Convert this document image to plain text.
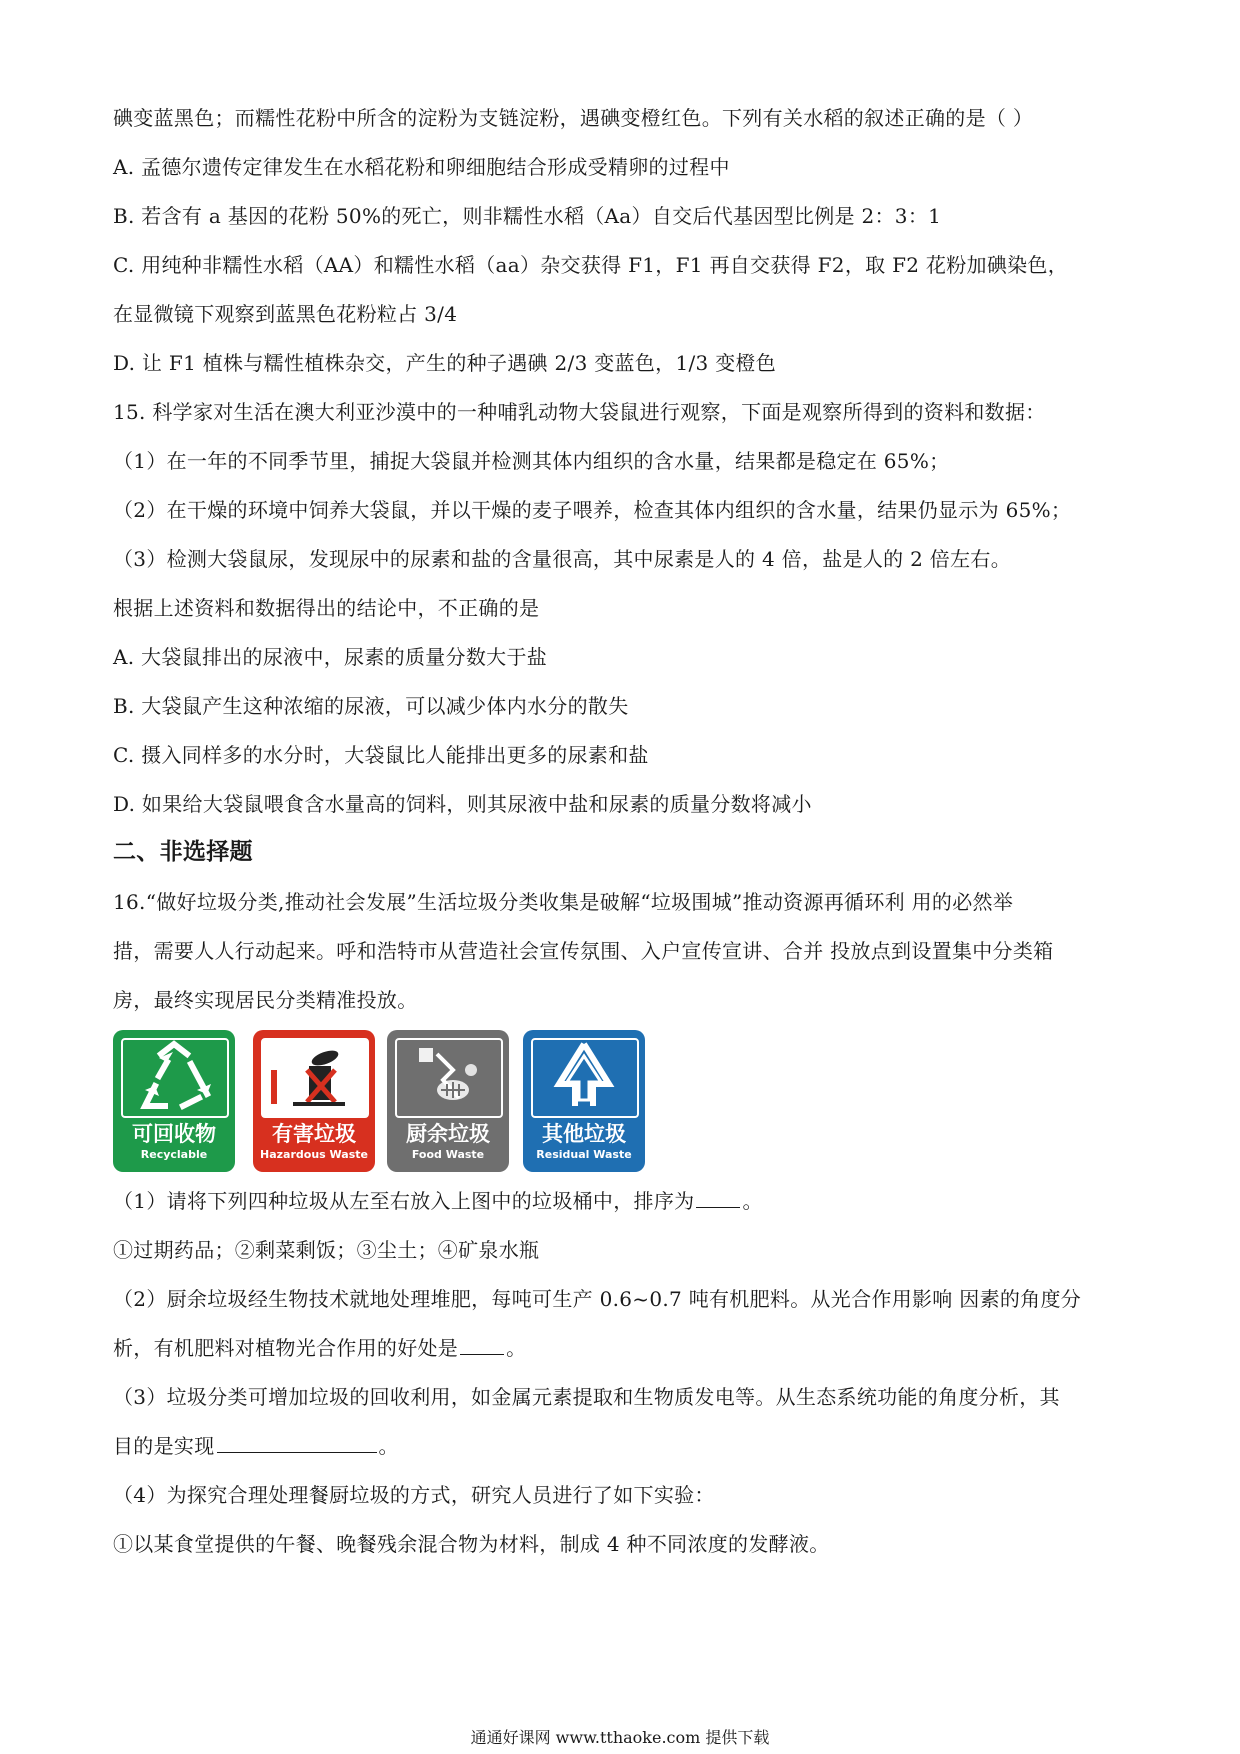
碘变蓝黑色；而糯性花粉中所含的淀粉为支链淀粉，遇碘变橙红色。下列有关水稻的叙述正确的是（ ）
A. 孟德尔遗传定律发生在水稻花粉和卵细胞结合形成受精卵的过程中
B. 若含有 a 基因的花粉 50%的死亡，则非糯性水稻（Aa）自交后代基因型比例是 2：3：1
C. 用纯种非糯性水稻（AA）和糯性水稻（aa）杂交获得 F1，F1 再自交获得 F2，取 F2 花粉加碘染色，
在显微镜下观察到蓝黑色花粉粒占 3/4
D. 让 F1 植株与糯性植株杂交，产生的种子遇碘 2/3 变蓝色，1/3 变橙色
15. 科学家对生活在澳大利亚沙漠中的一种哺乳动物大袋鼠进行观察，下面是观察所得到的资料和数据：
（1）在一年的不同季节里，捕捉大袋鼠并检测其体内组织的含水量，结果都是稳定在 65%；
（2）在干燥的环境中饲养大袋鼠，并以干燥的麦子喂养，检查其体内组织的含水量，结果仍显示为 65%；
（3）检测大袋鼠尿，发现尿中的尿素和盐的含量很高，其中尿素是人的 4 倍，盐是人的 2 倍左右。
根据上述资料和数据得出的结论中，不正确的是
A. 大袋鼠排出的尿液中，尿素的质量分数大于盐
B. 大袋鼠产生这种浓缩的尿液，可以减少体内水分的散失
C. 摄入同样多的水分时，大袋鼠比人能排出更多的尿素和盐
D. 如果给大袋鼠喂食含水量高的饲料，则其尿液中盐和尿素的质量分数将减小
二、非选择题
16.“做好垃圾分类,推动社会发展”生活垃圾分类收集是破解“垃圾围城”推动资源再循环利 用的必然举
措，需要人人行动起来。呼和浩特市从营造社会宣传氛围、入户宣传宣讲、合并 投放点到设置集中分类箱
房，最终实现居民分类精准投放。
可回收物
Recyclable
有害垃圾
Hazardous Waste
厨余垃圾
Food Waste
其他垃圾
Residual Waste
（1）请将下列四种垃圾从左至右放入上图中的垃圾桶中，排序为 。
①过期药品；②剩菜剩饭；③尘土；④矿泉水瓶
（2）厨余垃圾经生物技术就地处理堆肥，每吨可生产 0.6~0.7 吨有机肥料。从光合作用影响 因素的角度分
析，有机肥料对植物光合作用的好处是 。
（3）垃圾分类可增加垃圾的回收利用，如金属元素提取和生物质发电等。从生态系统功能的角度分析，其
目的是实现	。
（4）为探究合理处理餐厨垃圾的方式，研究人员进行了如下实验：
①以某食堂提供的午餐、晚餐残余混合物为材料，制成 4 种不同浓度的发酵液。
通通好课网 www.tthaoke.com 提供下载
